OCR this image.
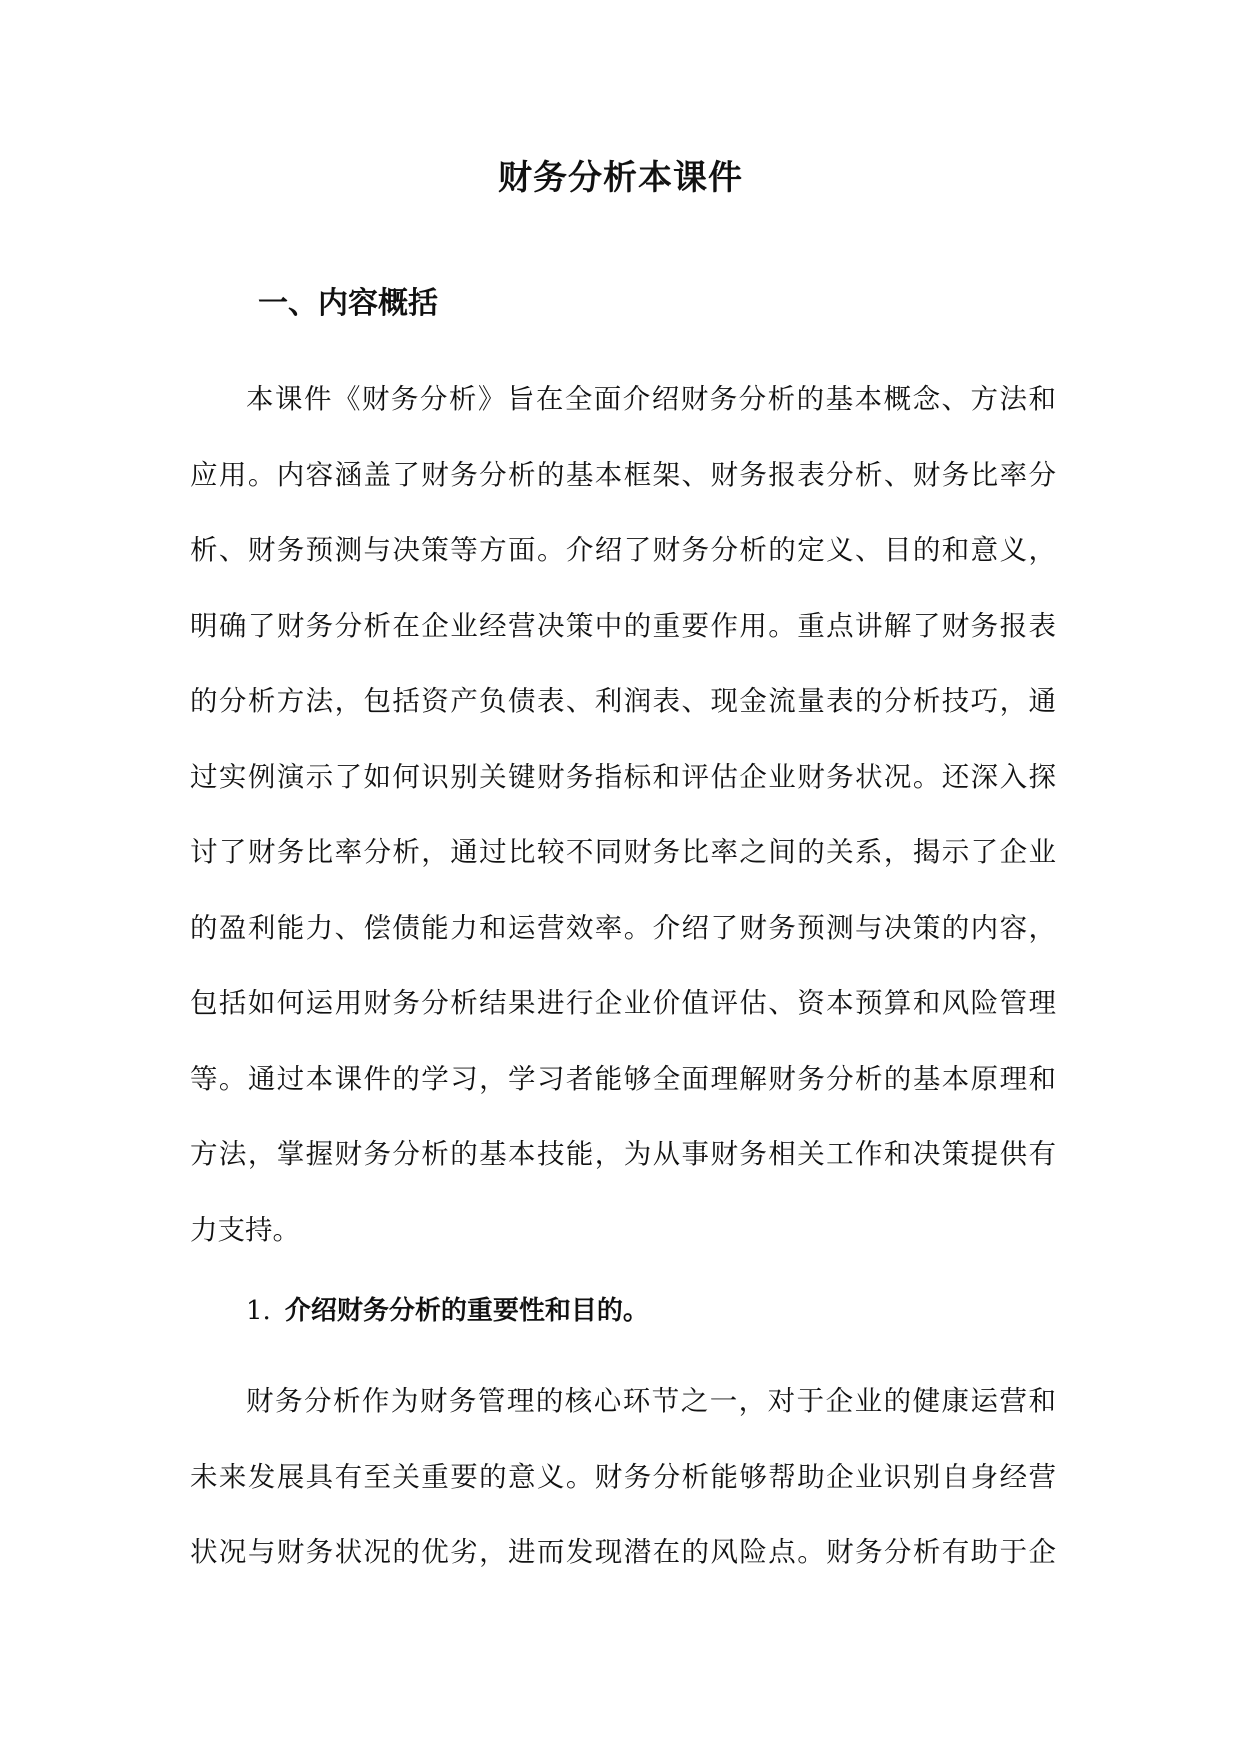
财务分析本课件
一、内容概括
本课件《财务分析》旨在全面介绍财务分析的基本概念、方法和
应用。内容涵盖了财务分析的基本框架、财务报表分析、财务比率分
析、财务预测与决策等方面。介绍了财务分析的定义、目的和意义，
明确了财务分析在企业经营决策中的重要作用。重点讲解了财务报表
的分析方法，包括资产负债表、利润表、现金流量表的分析技巧，通
过实例演示了如何识别关键财务指标和评估企业财务状况。还深入探
讨了财务比率分析，通过比较不同财务比率之间的关系，揭示了企业
的盈利能力、偿债能力和运营效率。介绍了财务预测与决策的内容，
包括如何运用财务分析结果进行企业价值评估、资本预算和风险管理
等。通过本课件的学习，学习者能够全面理解财务分析的基本原理和
方法，掌握财务分析的基本技能，为从事财务相关工作和决策提供有
力支持。
1. 介绍财务分析的重要性和目的。
财务分析作为财务管理的核心环节之一，对于企业的健康运营和
未来发展具有至关重要的意义。财务分析能够帮助企业识别自身经营
状况与财务状况的优劣，进而发现潜在的风险点。财务分析有助于企
